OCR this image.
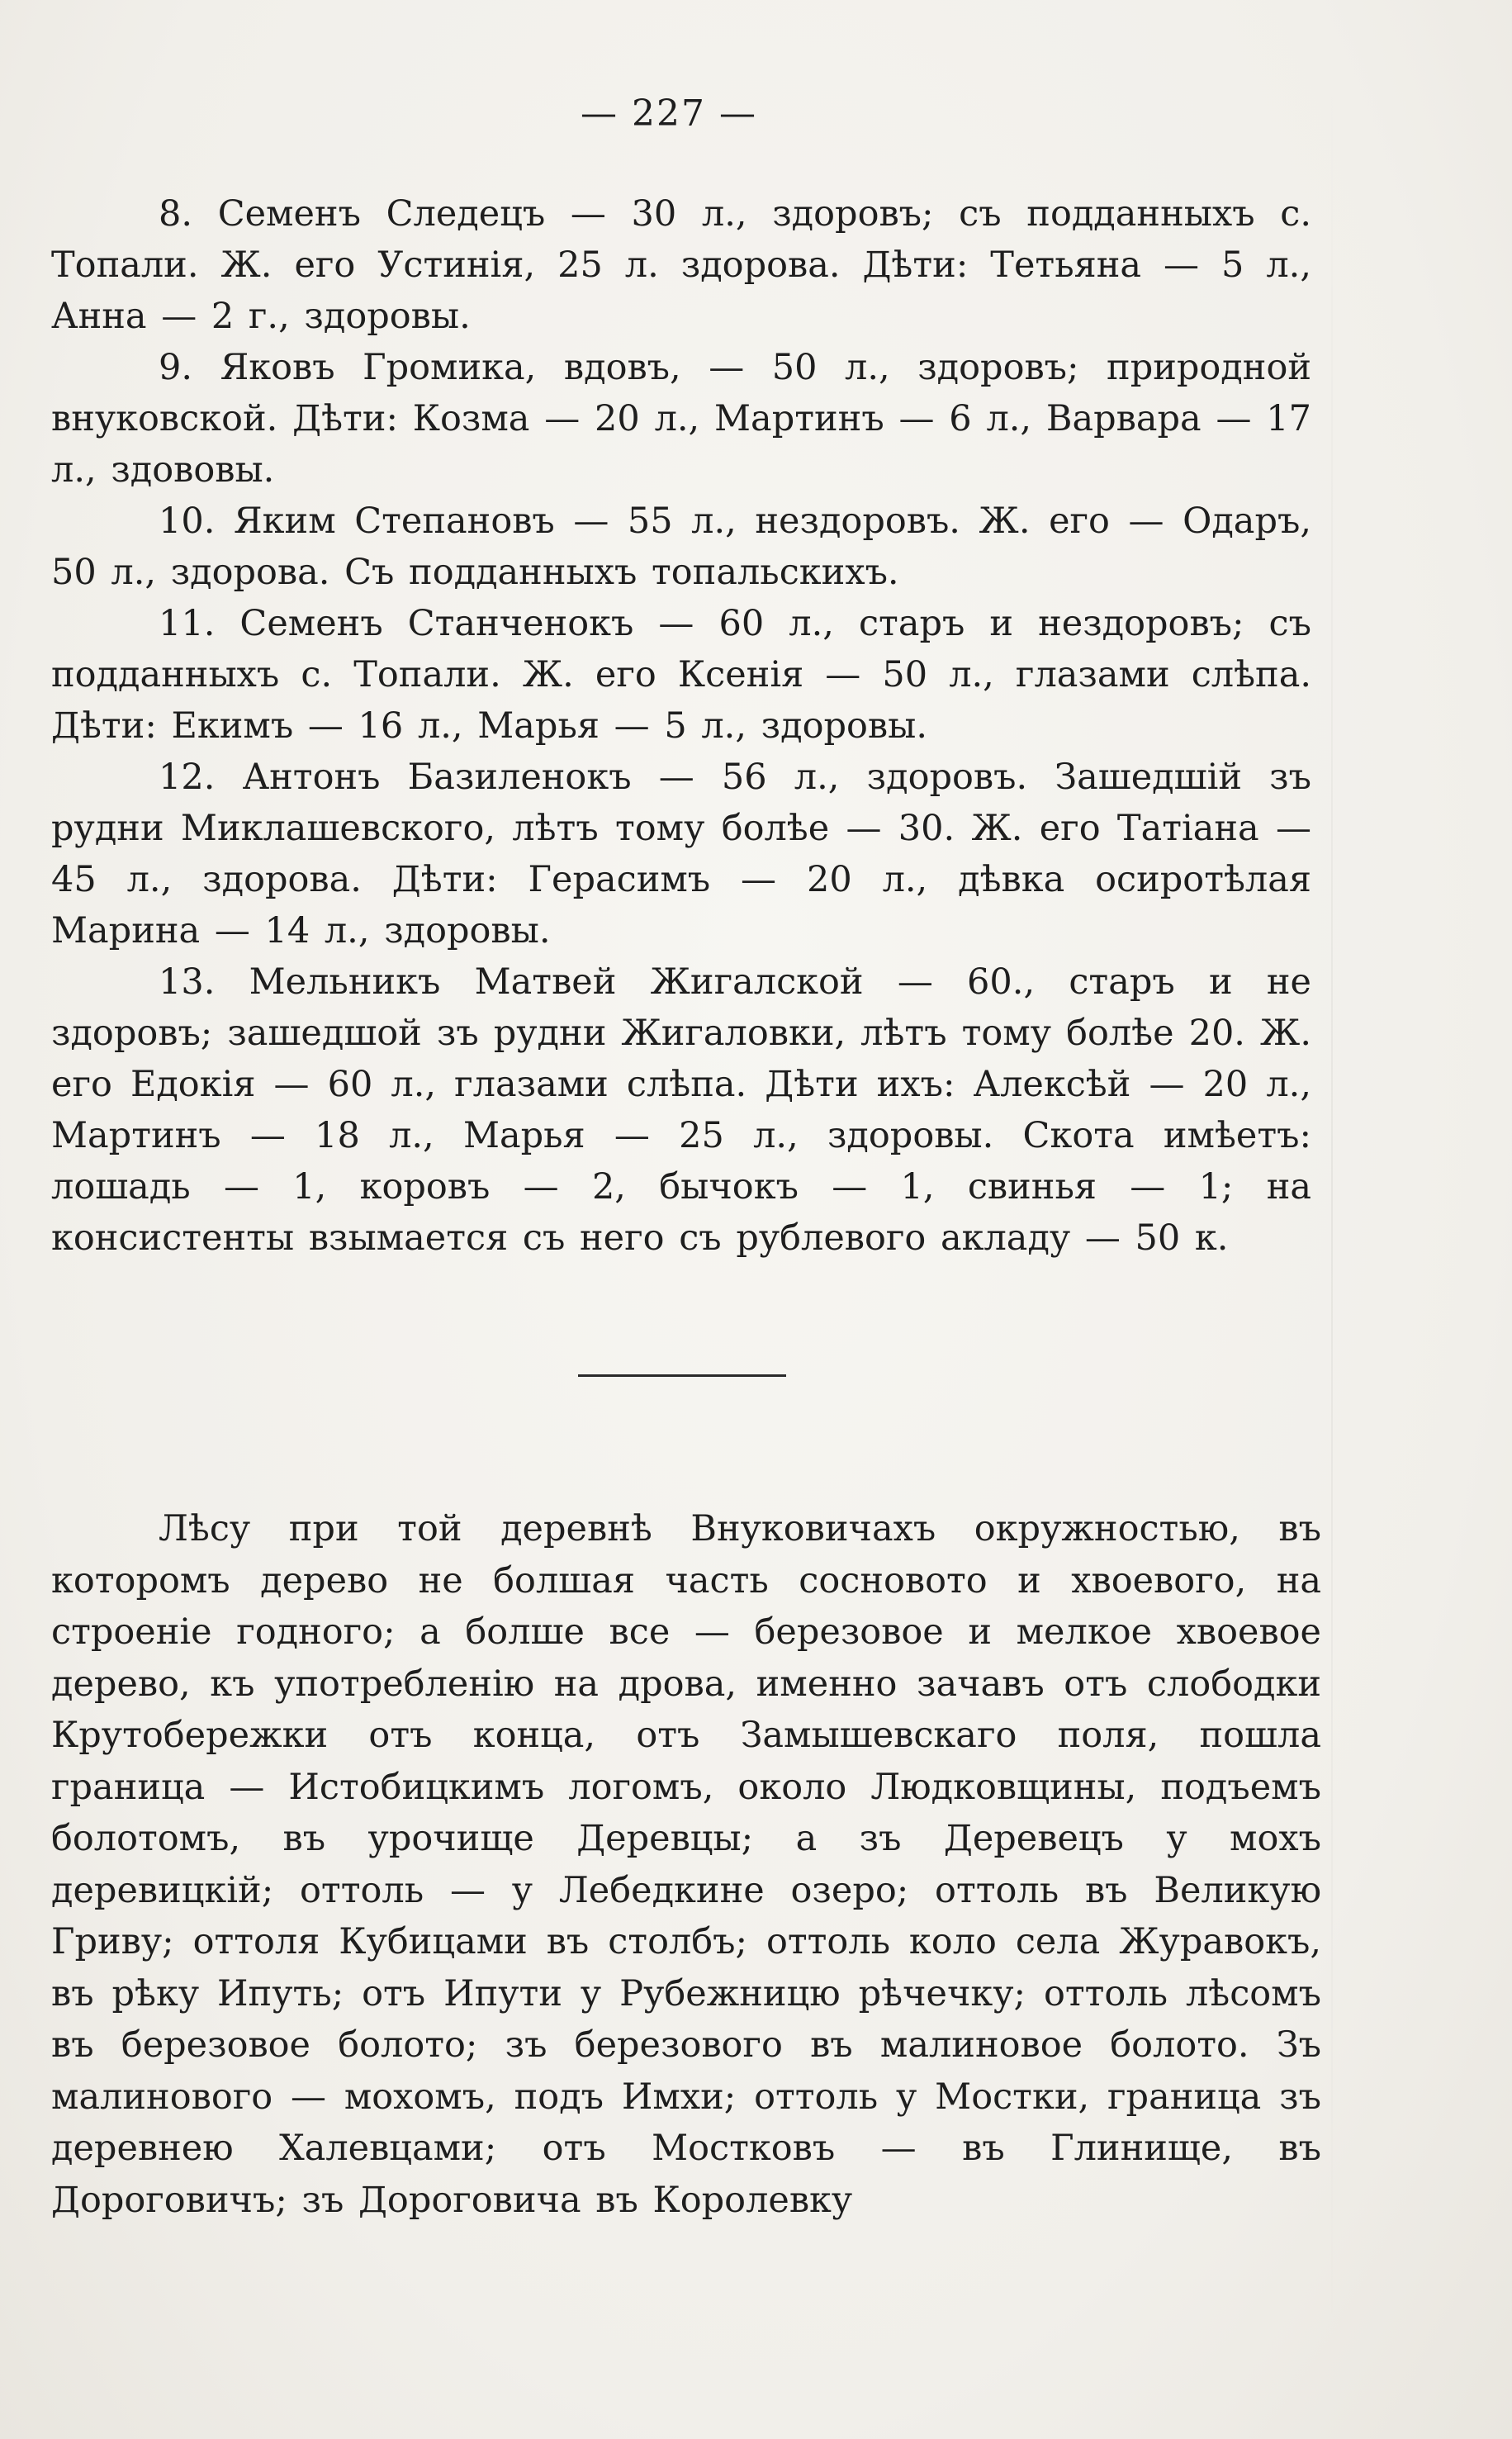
— 227 —

8. Семенъ Следецъ — 30 л., здоровъ; съ подданныхъ с. Топали. Ж. его Устинія, 25 л. здорова. Дѣти: Тетьяна — 5 л., Анна — 2 г., здоровы.

9. Яковъ Громика, вдовъ, — 50 л., здоровъ; природной внуковской. Дѣти: Козма — 20 л., Мартинъ — 6 л., Варвара — 17 л., здововы.

10. Яким Степановъ — 55 л., нездоровъ. Ж. его — Одаръ, 50 л., здорова. Съ подданныхъ топальскихъ.

11. Семенъ Станченокъ — 60 л., старъ и нездоровъ; съ подданныхъ с. Топали. Ж. его Ксенія — 50 л., глазами слѣпа. Дѣти: Екимъ — 16 л., Марья — 5 л., здоровы.

12. Антонъ Базиленокъ — 56 л., здоровъ. Зашедшій зъ рудни Миклашевского, лѣтъ тому болѣе — 30. Ж. его Татіана — 45 л., здорова. Дѣти: Герасимъ — 20 л., дѣвка осиротѣлая Марина — 14 л., здоровы.

13. Мельникъ Матвей Жигалской — 60., старъ и не здоровъ; зашедшой зъ рудни Жигаловки, лѣтъ тому болѣе 20. Ж. его Едокія — 60 л., глазами слѣпа. Дѣти ихъ: Алексѣй — 20 л., Мартинъ — 18 л., Марья — 25 л., здоровы. Скота имѣетъ: лошадь — 1, коровъ — 2, бычокъ — 1, свинья — 1; на консистенты взымается съ него съ рублевого акладу — 50 к.

Лѣсу при той деревнѣ Внуковичахъ окружностью, въ которомъ дерево не болшая часть сосновото и хвоевого, на строеніе годного; а болше все — березовое и мелкое хвоевое дерево, къ употребленію на дрова, именно зачавъ отъ слободки Крутобережки отъ конца, отъ Замышевскаго поля, пошла граница — Истобицкимъ логомъ, около Людковщины, подъемъ болотомъ, въ урочище Деревцы; а зъ Деревецъ у мохъ деревицкій; оттоль — у Лебедкине озеро; оттоль въ Великую Гриву; оттоля Кубицами въ столбъ; оттоль коло села Журавокъ, въ рѣку Ипуть; отъ Ипути у Рубежницю рѣчечку; оттоль лѣсомъ въ березовое болото; зъ березового въ малиновое болото. Зъ малинового — мохомъ, подъ Имхи; оттоль у Мостки, граница зъ деревнею Халевцами; отъ Мостковъ — въ Глинище, въ Дороговичъ; зъ Дороговича въ Королевку
